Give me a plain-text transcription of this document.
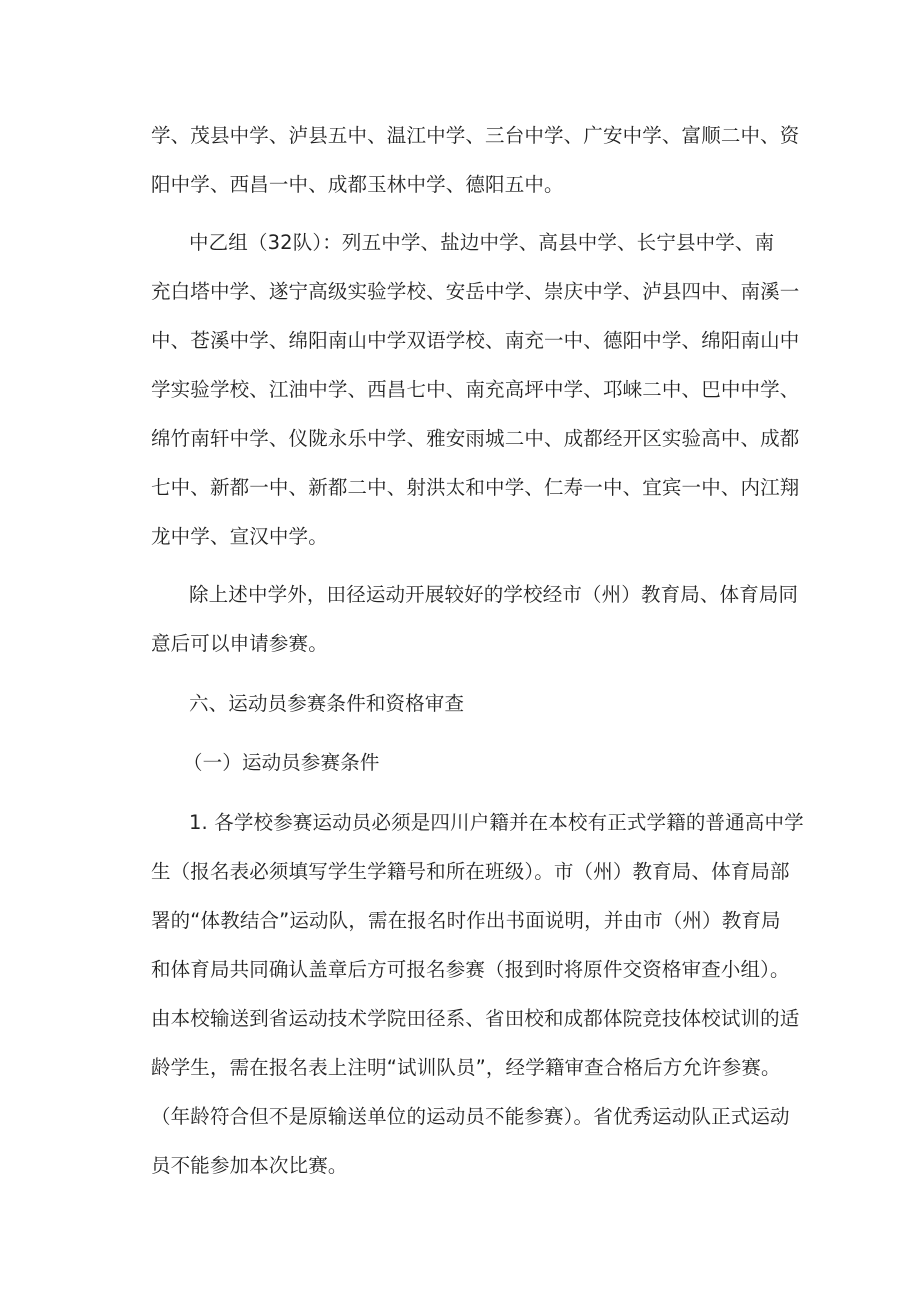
学、茂县中学、泸县五中、温江中学、三台中学、广安中学、富顺二中、资
阳中学、西昌一中、成都玉林中学、德阳五中。
中乙组（32队）：列五中学、盐边中学、高县中学、长宁县中学、南
充白塔中学、遂宁高级实验学校、安岳中学、崇庆中学、泸县四中、南溪一
中、苍溪中学、绵阳南山中学双语学校、南充一中、德阳中学、绵阳南山中
学实验学校、江油中学、西昌七中、南充高坪中学、邛崃二中、巴中中学、
绵竹南轩中学、仪陇永乐中学、雅安雨城二中、成都经开区实验高中、成都
七中、新都一中、新都二中、射洪太和中学、仁寿一中、宜宾一中、内江翔
龙中学、宣汉中学。
除上述中学外，田径运动开展较好的学校经市（州）教育局、体育局同
意后可以申请参赛。
六、运动员参赛条件和资格审查
（一）运动员参赛条件
1. 各学校参赛运动员必须是四川户籍并在本校有正式学籍的普通高中学
生（报名表必须填写学生学籍号和所在班级）。市（州）教育局、体育局部
署的“体教结合”运动队，需在报名时作出书面说明，并由市（州）教育局
和体育局共同确认盖章后方可报名参赛（报到时将原件交资格审查小组）。
由本校输送到省运动技术学院田径系、省田校和成都体院竞技体校试训的适
龄学生，需在报名表上注明“试训队员”，经学籍审查合格后方允许参赛。
（年龄符合但不是原输送单位的运动员不能参赛）。省优秀运动队正式运动
员不能参加本次比赛。
